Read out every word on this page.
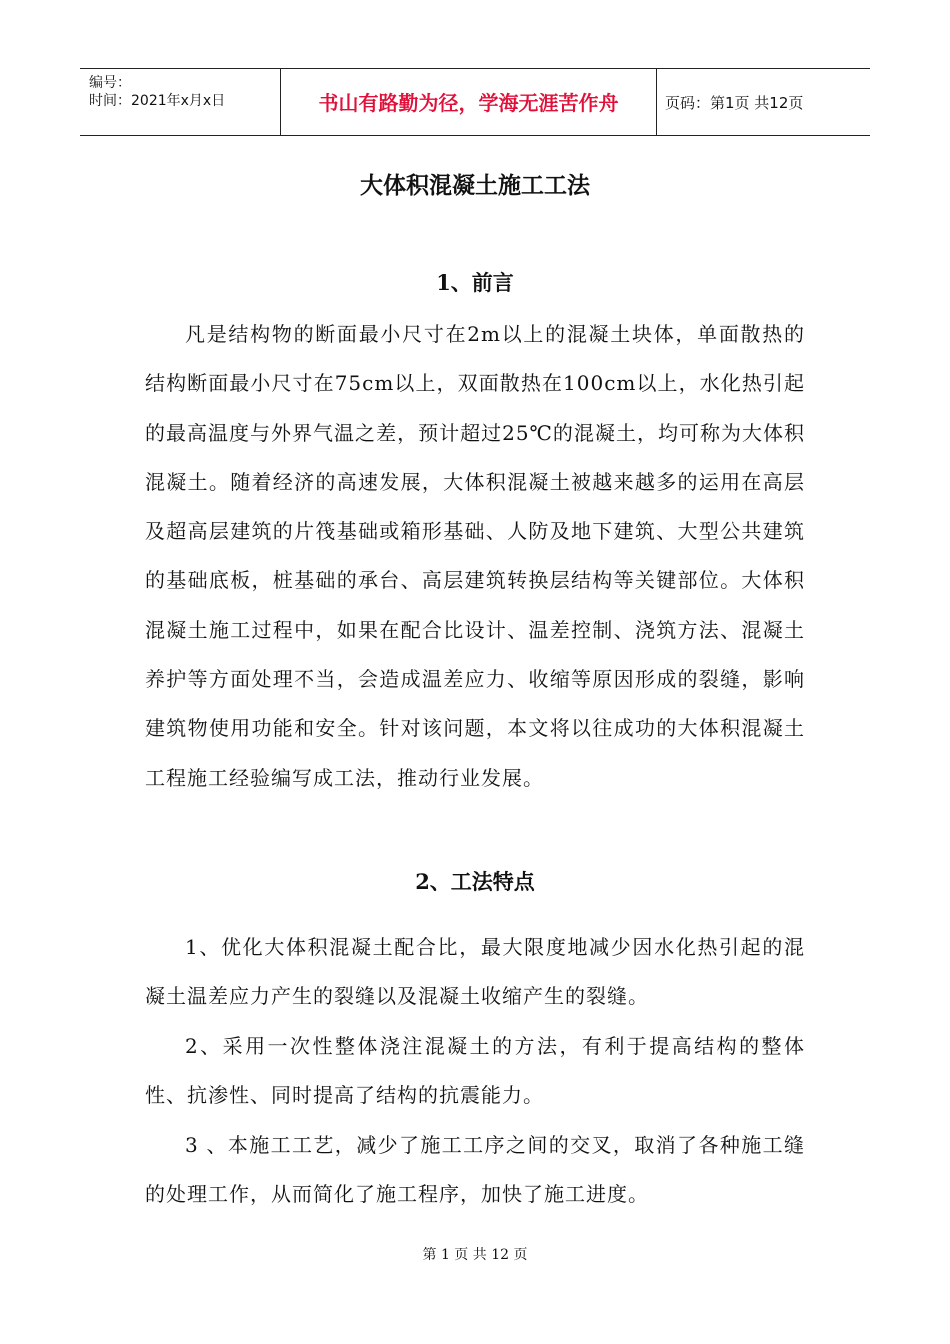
编号：
时间：2021年x月x日	书山有路勤为径，学海无涯苦作舟	页码：第1页 共12页
大体积混凝土施工工法
1、前言

凡是结构物的断面最小尺寸在2m以上的混凝土块体，单面散热的结构断面最小尺寸在75cm以上，双面散热在100cm以上，水化热引起的最高温度与外界气温之差，预计超过25℃的混凝土，均可称为大体积混凝土。随着经济的高速发展，大体积混凝土被越来越多的运用在高层及超高层建筑的片筏基础或箱形基础、人防及地下建筑、大型公共建筑的基础底板，桩基础的承台、高层建筑转换层结构等关键部位。大体积混凝土施工过程中，如果在配合比设计、温差控制、浇筑方法、混凝土养护等方面处理不当，会造成温差应力、收缩等原因形成的裂缝，影响建筑物使用功能和安全。针对该问题，本文将以往成功的大体积混凝土工程施工经验编写成工法，推动行业发展。

2、工法特点

1、优化大体积混凝土配合比，最大限度地减少因水化热引起的混凝土温差应力产生的裂缝以及混凝土收缩产生的裂缝。

2、采用一次性整体浇注混凝土的方法，有利于提高结构的整体性、抗渗性、同时提高了结构的抗震能力。

3 、本施工工艺，减少了施工工序之间的交叉，取消了各种施工缝的处理工作，从而简化了施工程序，加快了施工进度。

第 1 页 共 12 页
